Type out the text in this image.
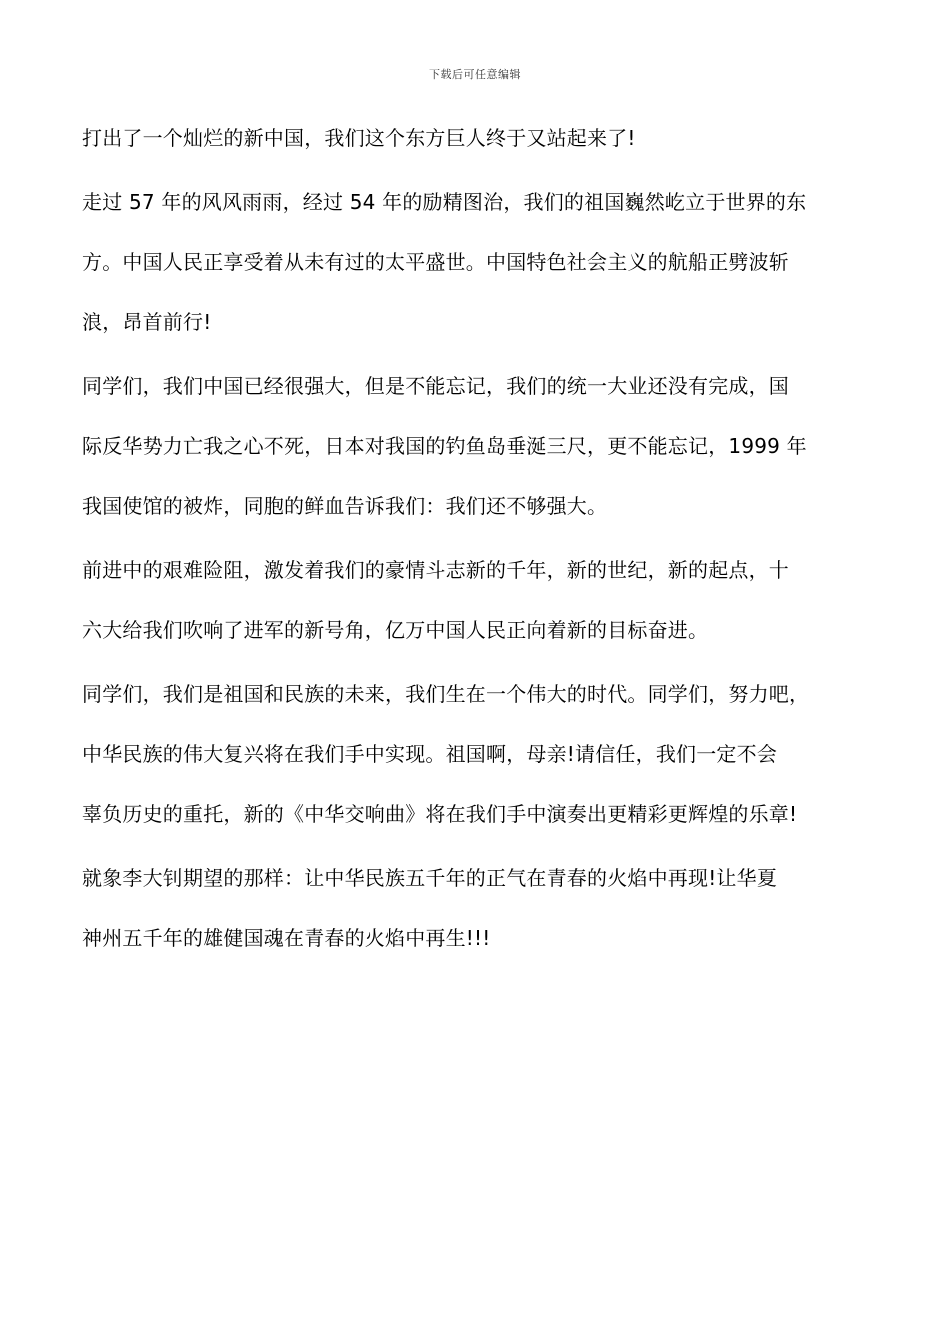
下载后可任意编辑
打出了一个灿烂的新中国，我们这个东方巨人终于又站起来了!
走过 57 年的风风雨雨，经过 54 年的励精图治，我们的祖国巍然屹立于世界的东
方。中国人民正享受着从未有过的太平盛世。中国特色社会主义的航船正劈波斩
浪，昂首前行!
同学们，我们中国已经很强大，但是不能忘记，我们的统一大业还没有完成，国
际反华势力亡我之心不死，日本对我国的钓鱼岛垂涎三尺，更不能忘记，1999 年
我国使馆的被炸，同胞的鲜血告诉我们：我们还不够强大。
前进中的艰难险阻，激发着我们的豪情斗志新的千年，新的世纪，新的起点，十
六大给我们吹响了进军的新号角，亿万中国人民正向着新的目标奋进。
同学们，我们是祖国和民族的未来，我们生在一个伟大的时代。同学们，努力吧，
中华民族的伟大复兴将在我们手中实现。祖国啊，母亲!请信任，我们一定不会
辜负历史的重托，新的《中华交响曲》将在我们手中演奏出更精彩更辉煌的乐章!
就象李大钊期望的那样：让中华民族五千年的正气在青春的火焰中再现!让华夏
神州五千年的雄健国魂在青春的火焰中再生!!!
